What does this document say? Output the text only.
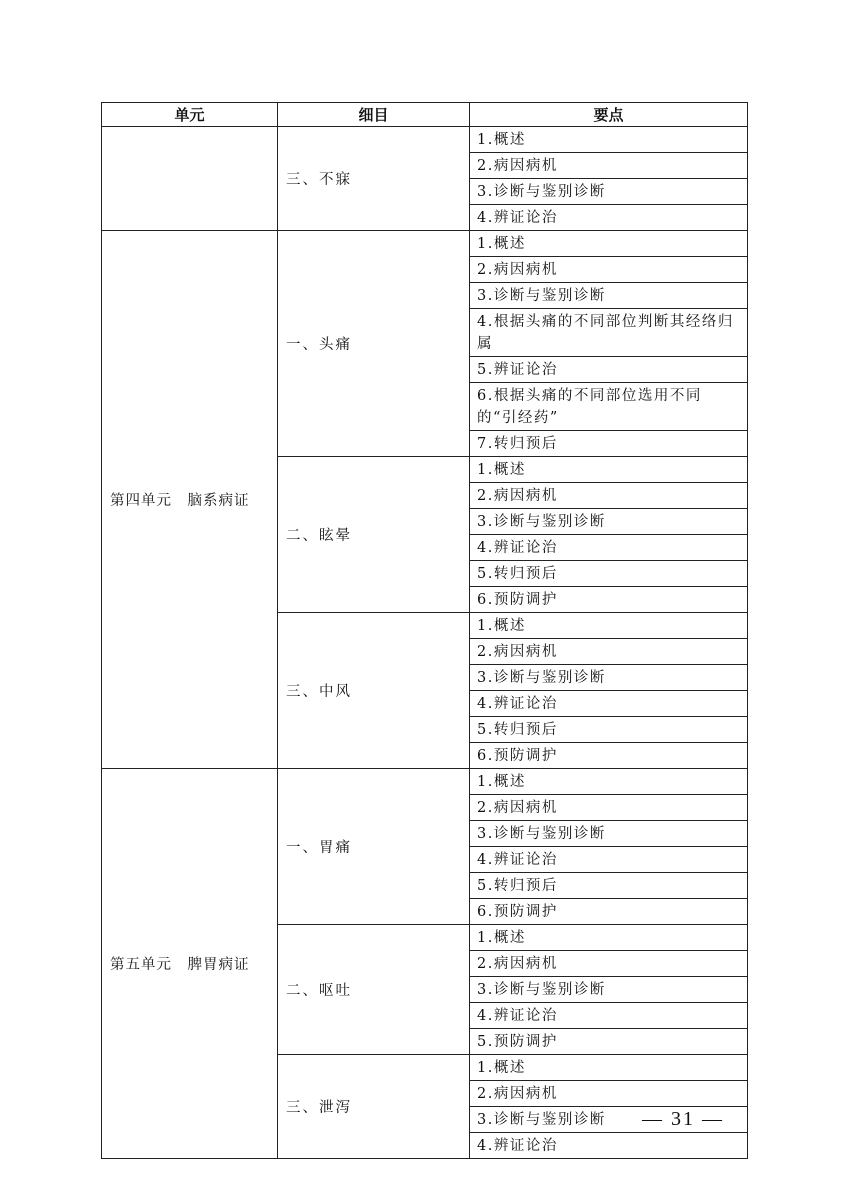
单元	细目	要点
	三、不寐	1.概述
		2.病因病机
		3.诊断与鉴别诊断
		4.辨证论治
第四单元　脑系病证	一、头痛	1.概述
		2.病因病机
		3.诊断与鉴别诊断
		4.根据头痛的不同部位判断其经络归属
		5.辨证论治
		6.根据头痛的不同部位选用不同的“引经药”
		7.转归预后
	二、眩晕	1.概述
		2.病因病机
		3.诊断与鉴别诊断
		4.辨证论治
		5.转归预后
		6.预防调护
	三、中风	1.概述
		2.病因病机
		3.诊断与鉴别诊断
		4.辨证论治
		5.转归预后
		6.预防调护
第五单元　脾胃病证	一、胃痛	1.概述
		2.病因病机
		3.诊断与鉴别诊断
		4.辨证论治
		5.转归预后
		6.预防调护
	二、呕吐	1.概述
		2.病因病机
		3.诊断与鉴别诊断
		4.辨证论治
		5.预防调护
	三、泄泻	1.概述
		2.病因病机
		3.诊断与鉴别诊断
		4.辨证论治
— 31 —
